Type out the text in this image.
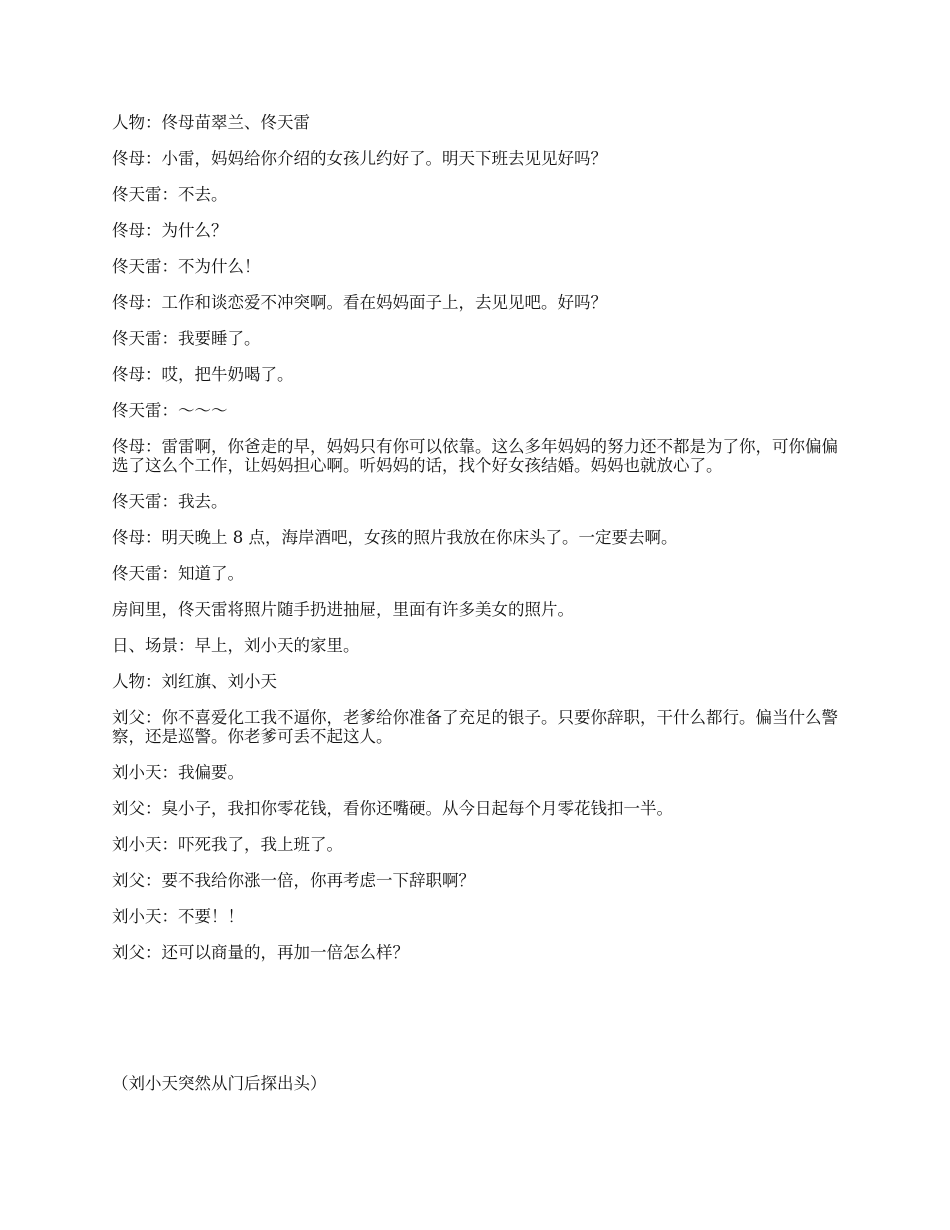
人物：佟母苗翠兰、佟天雷

佟母：小雷，妈妈给你介绍的女孩儿约好了。明天下班去见见好吗？

佟天雷：不去。

佟母：为什么？

佟天雷：不为什么！

佟母：工作和谈恋爱不冲突啊。看在妈妈面子上，去见见吧。好吗？

佟天雷：我要睡了。

佟母：哎，把牛奶喝了。

佟天雷：～～～

佟母：雷雷啊，你爸走的早，妈妈只有你可以依靠。这么多年妈妈的努力还不都是为了你，可你偏偏选了这么个工作，让妈妈担心啊。听妈妈的话，找个好女孩结婚。妈妈也就放心了。

佟天雷：我去。

佟母：明天晚上 8 点，海岸酒吧，女孩的照片我放在你床头了。一定要去啊。

佟天雷：知道了。

房间里，佟天雷将照片随手扔进抽屉，里面有许多美女的照片。

日、场景：早上，刘小天的家里。

人物：刘红旗、刘小天

刘父：你不喜爱化工我不逼你，老爹给你准备了充足的银子。只要你辞职，干什么都行。偏当什么警察，还是巡警。你老爹可丢不起这人。

刘小天：我偏要。

刘父：臭小子，我扣你零花钱，看你还嘴硬。从今日起每个月零花钱扣一半。

刘小天：吓死我了，我上班了。

刘父：要不我给你涨一倍，你再考虑一下辞职啊？

刘小天：不要！！

刘父：还可以商量的，再加一倍怎么样？

（刘小天突然从门后探出头）
